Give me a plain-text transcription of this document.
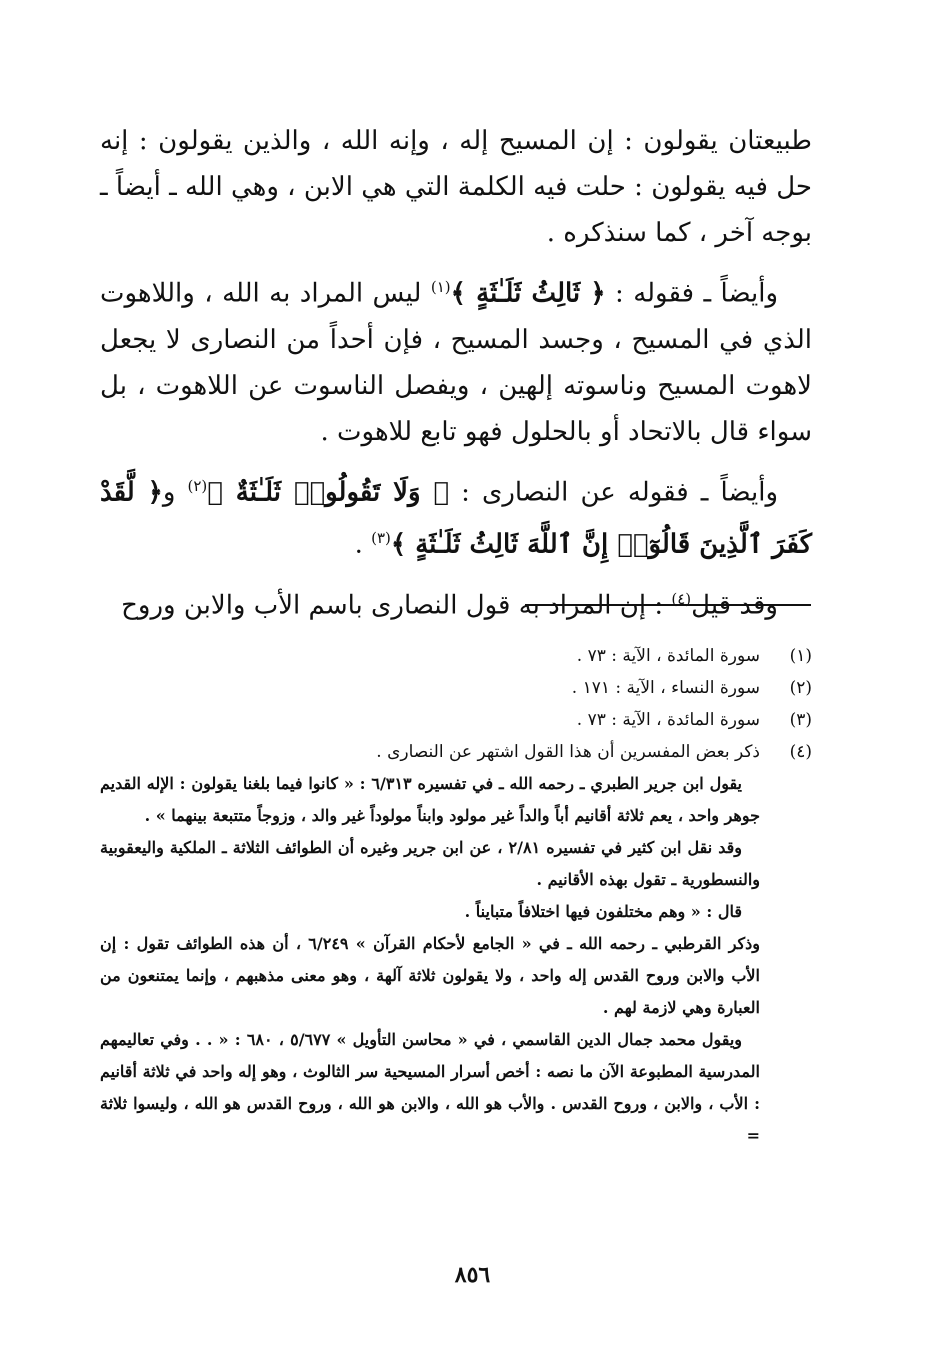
طبيعتان يقولون : إن المسيح إله ، وإنه الله ، والذين يقولون : إنه حل فيه يقولون : حلت فيه الكلمة التي هي الابن ، وهي الله ـ أيضاً ـ بوجه آخر ، كما سنذكره .

وأيضاً ـ فقوله : ﴿ ثَالِثُ ثَلَـٰثَةٍ ﴾$^{(١)}$ ليس المراد به الله ، واللاهوت الذي في المسيح ، وجسد المسيح ، فإن أحداً من النصارى لا يجعل لاهوت المسيح وناسوته إلهين ، ويفصل الناسوت عن اللاهوت ، بل سواء قال بالاتحاد أو بالحلول فهو تابع للاهوت .

وأيضاً ـ فقوله عن النصارى : ﴿ وَلَا تَقُولُوا۟ ثَلَـٰثَةٌ ﴾$^{(٢)}$ و﴿ لَّقَدْ كَفَرَ ٱلَّذِينَ قَالُوٓا۟ إِنَّ ٱللَّهَ ثَالِثُ ثَلَـٰثَةٍ ﴾$^{(٣)}$ .

وقد قيل$^{(٤)}$ : إن المراد به قول النصارى باسم الأب والابن وروح

(١)
سورة المائدة ، الآية : ٧٣ .
(٢)
سورة النساء ، الآية : ١٧١ .
(٣)
سورة المائدة ، الآية : ٧٣ .
(٤)
ذكر بعض المفسرين أن هذا القول اشتهر عن النصارى .

يقول ابن جرير الطبري ـ رحمه الله ـ في تفسيره ٦/٣١٣ : « كانوا فيما بلغنا يقولون : الإله القديم جوهر واحد ، يعم ثلاثة أقانيم أباً والداً غير مولود وابناً مولوداً غير والد ، وزوجاً متتبعة بينهما » .

وقد نقل ابن كثير في تفسيره ٢/٨١ ، عن ابن جرير وغيره أن الطوائف الثلاثة ـ الملكية واليعقوبية والنسطورية ـ تقول بهذه الأقانيم .

قال : « وهم مختلفون فيها اختلافاً متبايناً .

وذكر القرطبي ـ رحمه الله ـ في « الجامع لأحكام القرآن » ٦/٢٤٩ ، أن هذه الطوائف تقول : إن الأب والابن وروح القدس إله واحد ، ولا يقولون ثلاثة آلهة ، وهو معنى مذهبهم ، وإنما يمتنعون من العبارة وهي لازمة لهم .

ويقول محمد جمال الدين القاسمي ، في « محاسن التأويل » ٥/٦٧٧ ، ٦٨٠ : « . . وفي تعاليمهم المدرسية المطبوعة الآن ما نصه : أخص أسرار المسيحية سر الثالوث ، وهو إله واحد في ثلاثة أقانيم : الأب ، والابن ، وروح القدس . والأب هو الله ، والابن هو الله ، وروح القدس هو الله ، وليسوا ثلاثة =

٨٥٦
